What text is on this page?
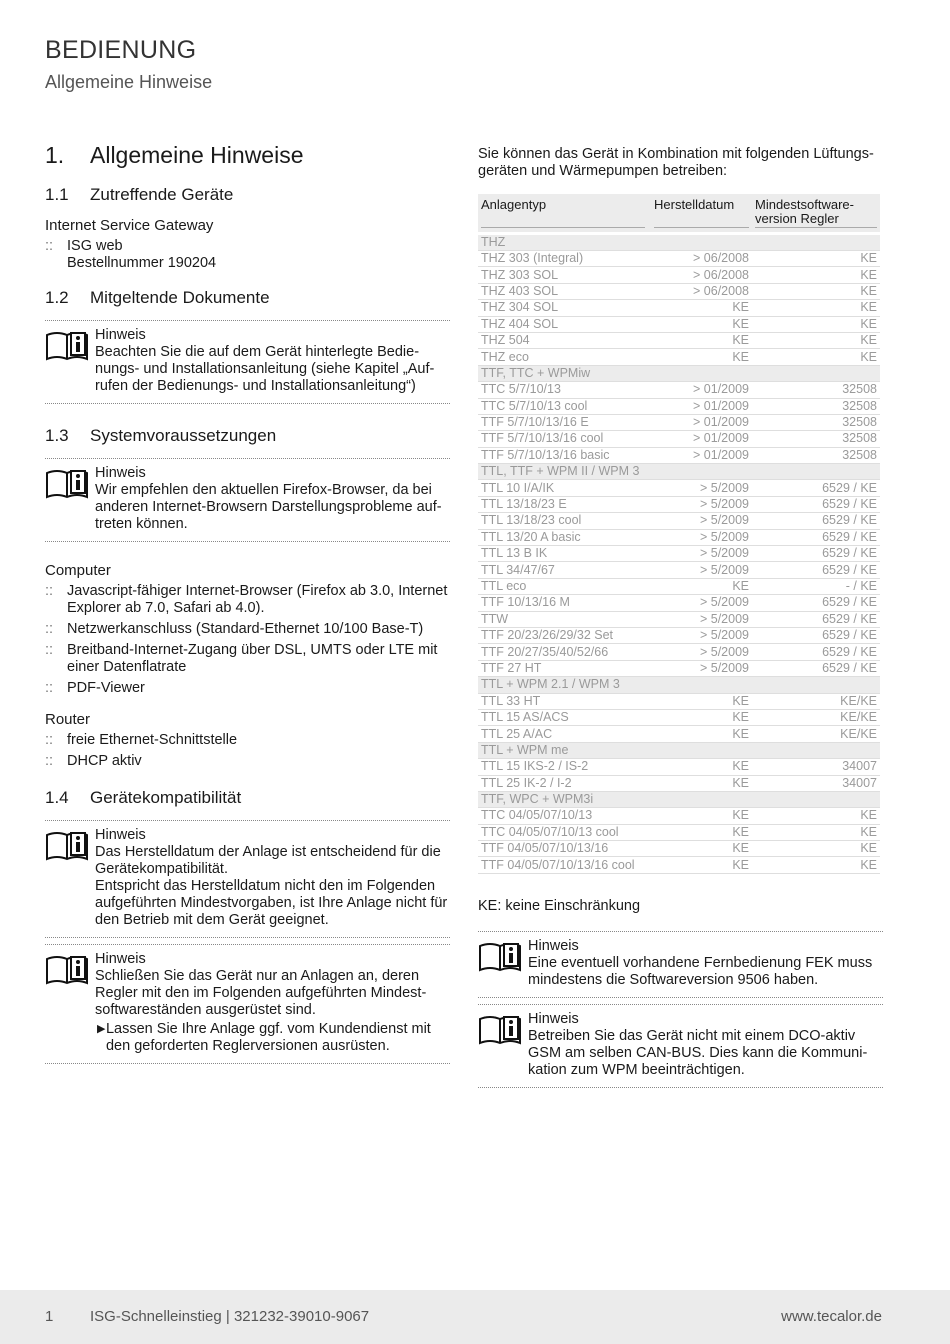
BEDIENUNG
Allgemeine Hinweise
1.	Allgemeine Hinweise
1.1	Zutreffende Geräte
Internet Service Gateway
:: ISG web
Bestellnummer 190204
1.2	Mitgeltende Dokumente
Hinweis
Beachten Sie die auf dem Gerät hinterlegte Bedienungs- und Installationsanleitung (siehe Kapitel „Aufrufen der Bedienungs- und Installationsanleitung“)
1.3	Systemvoraussetzungen
Hinweis
Wir empfehlen den aktuellen Firefox-Browser, da bei anderen Internet-Browsern Darstellungsprobleme auftreten können.
Computer
:: Javascript-fähiger Internet-Browser (Firefox ab 3.0, Internet Explorer ab 7.0, Safari ab 4.0).
:: Netzwerkanschluss (Standard-Ethernet 10/100 Base-T)
:: Breitband-Internet-Zugang über DSL, UMTS oder LTE mit einer Datenflatrate
:: PDF-Viewer
Router
:: freie Ethernet-Schnittstelle
:: DHCP aktiv
1.4	Gerätekompatibilität
Hinweis
Das Herstelldatum der Anlage ist entscheidend für die Gerätekompatibilität.
Entspricht das Herstelldatum nicht den im Folgenden aufgeführten Mindestvorgaben, ist Ihre Anlage nicht für den Betrieb mit dem Gerät geeignet.
Hinweis
Schließen Sie das Gerät nur an Anlagen an, deren Regler mit den im Folgenden aufgeführten Mindestsoftwareständen ausgerüstet sind.
▶ Lassen Sie Ihre Anlage ggf. vom Kundendienst mit den geforderten Reglerversionen ausrüsten.
Sie können das Gerät in Kombination mit folgenden Lüftungsgeräten und Wärmepumpen betreiben:
Anlagentyp	Herstelldatum	Mindestsoftware-version Regler

THZ		
THZ 303 (Integral)	> 06/2008	KE
THZ 303 SOL	> 06/2008	KE
THZ 403 SOL	> 06/2008	KE
THZ 304 SOL	KE	KE
THZ 404 SOL	KE	KE
THZ 504	KE	KE
THZ eco	KE	KE
TTF, TTC + WPMiw		
TTC 5/7/10/13	> 01/2009	32508
TTC 5/7/10/13 cool	> 01/2009	32508
TTF 5/7/10/13/16 E	> 01/2009	32508
TTF 5/7/10/13/16 cool	> 01/2009	32508
TTF 5/7/10/13/16 basic	> 01/2009	32508
TTL, TTF + WPM II / WPM 3		
TTL 10 I/A/IK	> 5/2009	6529 / KE
TTL 13/18/23 E	> 5/2009	6529 / KE
TTL 13/18/23 cool	> 5/2009	6529 / KE
TTL 13/20 A basic	> 5/2009	6529 / KE
TTL 13 B IK	> 5/2009	6529 / KE
TTL 34/47/67	> 5/2009	6529 / KE
TTL eco	KE	- / KE
TTF 10/13/16 M	> 5/2009	6529 / KE
TTW	> 5/2009	6529 / KE
TTF 20/23/26/29/32 Set	> 5/2009	6529 / KE
TTF 20/27/35/40/52/66	> 5/2009	6529 / KE
TTF 27 HT	> 5/2009	6529 / KE
TTL + WPM 2.1 / WPM 3		
TTL 33 HT	KE	KE/KE
TTL 15 AS/ACS	KE	KE/KE
TTL 25 A/AC	KE	KE/KE
TTL + WPM me		
TTL 15 IKS-2 / IS-2	KE	34007
TTL 25 IK-2 / I-2	KE	34007
TTF, WPC + WPM3i		
TTC 04/05/07/10/13	KE	KE
TTC 04/05/07/10/13 cool	KE	KE
TTF 04/05/07/10/13/16	KE	KE
TTF 04/05/07/10/13/16 cool	KE	KE
KE: keine Einschränkung
Hinweis
Eine eventuell vorhandene Fernbedienung FEK muss mindestens die Softwareversion 9506 haben.
Hinweis
Betreiben Sie das Gerät nicht mit einem DCO-aktiv GSM am selben CAN-BUS. Dies kann die Kommunikation zum WPM beeinträchtigen.
1 ISG-Schnelleinstieg | 321232-39010-9067	www.tecalor.de
